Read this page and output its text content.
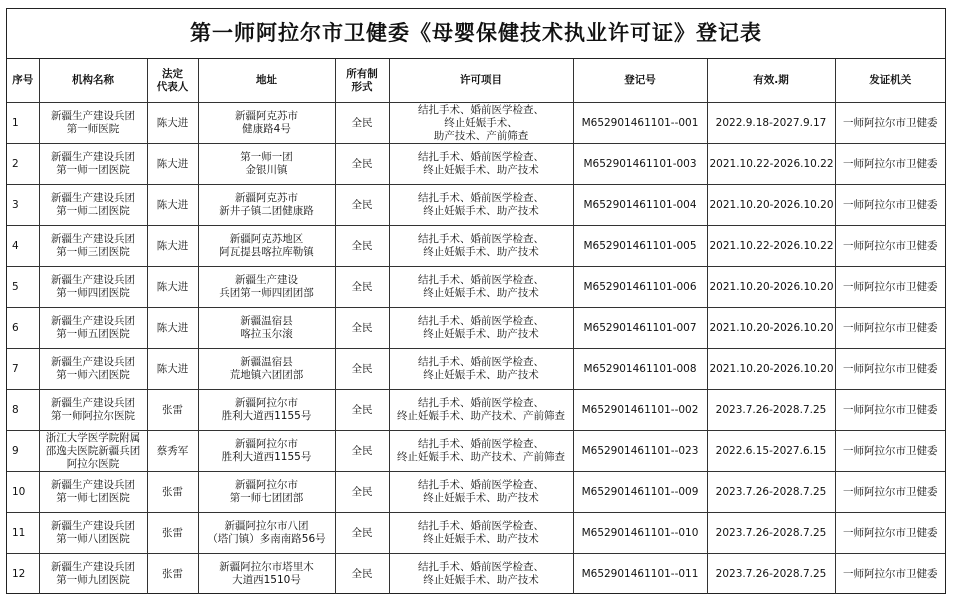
第一师阿拉尔市卫健委《母婴保健技术执业许可证》登记表
序号	机构名称	法定
代表人	地址	所有制
形式	许可项目	登记号	有效.期	发证机关
1	新疆生产建设兵团
第一师医院	陈大进	新疆阿克苏市
健康路4号	全民	结扎手术、婚前医学检查、
终止妊娠手术、
助产技术、产前筛查	M652901461101--001	2022.9.18-2027.9.17	一师阿拉尔市卫健委
2	新疆生产建设兵团
第一师一团医院	陈大进	第一师一团
金银川镇	全民	结扎手术、婚前医学检查、
终止妊娠手术、助产技术	M652901461101-003	2021.10.22-2026.10.22	一师阿拉尔市卫健委
3	新疆生产建设兵团
第一师二团医院	陈大进	新疆阿克苏市
新井子镇二团健康路	全民	结扎手术、婚前医学检查、
终止妊娠手术、助产技术	M652901461101-004	2021.10.20-2026.10.20	一师阿拉尔市卫健委
4	新疆生产建设兵团
第一师三团医院	陈大进	新疆阿克苏地区
阿瓦提县喀拉库勒镇	全民	结扎手术、婚前医学检查、
终止妊娠手术、助产技术	M652901461101-005	2021.10.22-2026.10.22	一师阿拉尔市卫健委
5	新疆生产建设兵团
第一师四团医院	陈大进	新疆生产建设
兵团第一师四团团部	全民	结扎手术、婚前医学检查、
终止妊娠手术、助产技术	M652901461101-006	2021.10.20-2026.10.20	一师阿拉尔市卫健委
6	新疆生产建设兵团
第一师五团医院	陈大进	新疆温宿县
喀拉玉尔滚	全民	结扎手术、婚前医学检查、
终止妊娠手术、助产技术	M652901461101-007	2021.10.20-2026.10.20	一师阿拉尔市卫健委
7	新疆生产建设兵团
第一师六团医院	陈大进	新疆温宿县
荒地镇六团团部	全民	结扎手术、婚前医学检查、
终止妊娠手术、助产技术	M652901461101-008	2021.10.20-2026.10.20	一师阿拉尔市卫健委
8	新疆生产建设兵团
第一师阿拉尔医院	张雷	新疆阿拉尔市
胜利大道西1155号	全民	结扎手术、婚前医学检查、
终止妊娠手术、助产技术、产前筛查	M652901461101--002	2023.7.26-2028.7.25	一师阿拉尔市卫健委
9	浙江大学医学院附属
邵逸夫医院新疆兵团
阿拉尔医院	蔡秀军	新疆阿拉尔市
胜利大道西1155号	全民	结扎手术、婚前医学检查、
终止妊娠手术、助产技术、产前筛查	M652901461101--023	2022.6.15-2027.6.15	一师阿拉尔市卫健委
10	新疆生产建设兵团
第一师七团医院	张雷	新疆阿拉尔市
第一师七团团部	全民	结扎手术、婚前医学检查、
终止妊娠手术、助产技术	M652901461101--009	2023.7.26-2028.7.25	一师阿拉尔市卫健委
11	新疆生产建设兵团
第一师八团医院	张雷	新疆阿拉尔市八团
（塔门镇）多南南路56号	全民	结扎手术、婚前医学检查、
终止妊娠手术、助产技术	M652901461101--010	2023.7.26-2028.7.25	一师阿拉尔市卫健委
12	新疆生产建设兵团
第一师九团医院	张雷	新疆阿拉尔市塔里木
大道西1510号	全民	结扎手术、婚前医学检查、
终止妊娠手术、助产技术	M652901461101--011	2023.7.26-2028.7.25	一师阿拉尔市卫健委
